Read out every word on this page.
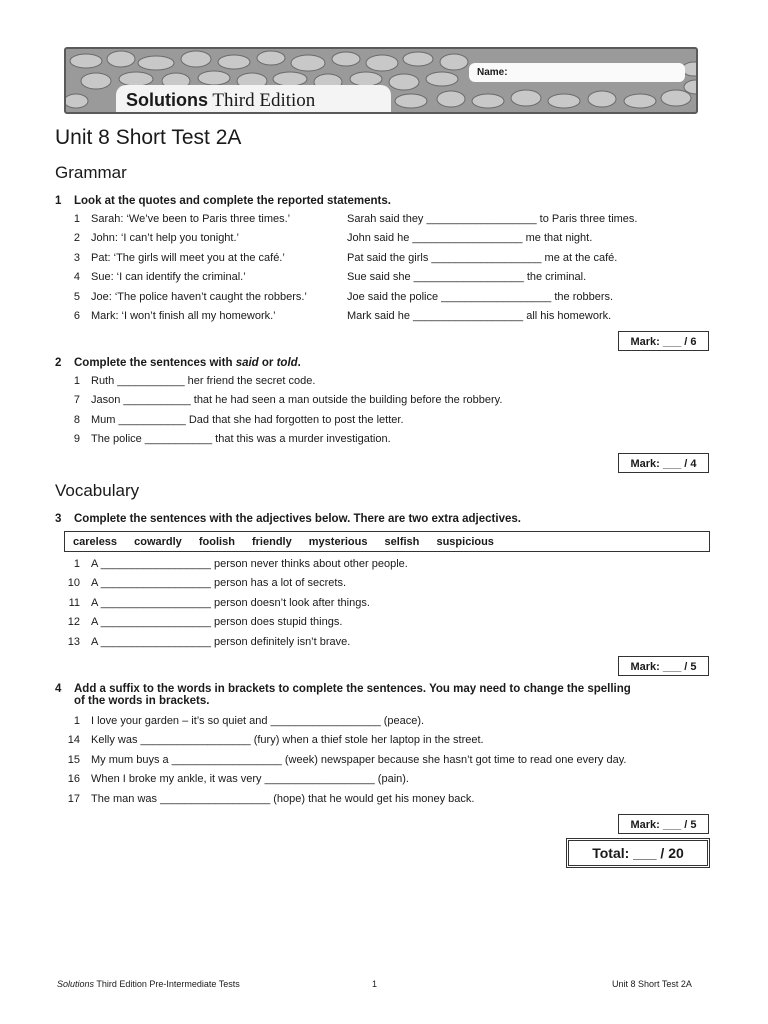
Solutions Third Edition
Name:
Unit 8 Short Test 2A
Grammar
1 Look at the quotes and complete the reported statements.
1 Sarah: ‘We’ve been to Paris three times.’	Sarah said they __________________ to Paris three times.
2 John: ‘I can’t help you tonight.’	John said he __________________ me that night.
3 Pat: ‘The girls will meet you at the café.’	Pat said the girls __________________ me at the café.
4 Sue: ‘I can identify the criminal.’	Sue said she __________________ the criminal.
5 Joe: ‘The police haven’t caught the robbers.’	Joe said the police __________________ the robbers.
6 Mark: ‘I won’t finish all my homework.’	Mark said he __________________ all his homework.
Mark: ___ / 6
2 Complete the sentences with said or told.
1 Ruth ___________ her friend the secret code.
7 Jason ___________ that he had seen a man outside the building before the robbery.
8 Mum ___________ Dad that she had forgotten to post the letter.
9 The police ___________ that this was a murder investigation.
Mark: ___ / 4
Vocabulary
3 Complete the sentences with the adjectives below. There are two extra adjectives.
careless cowardly foolish friendly mysterious selfish suspicious
1 A __________________ person never thinks about other people.
10 A __________________ person has a lot of secrets.
11 A __________________ person doesn’t look after things.
12 A __________________ person does stupid things.
13 A __________________ person definitely isn’t brave.
Mark: ___ / 5
4 Add a suffix to the words in brackets to complete the sentences. You may need to change the spelling
of the words in brackets.
1 I love your garden – it’s so quiet and __________________ (peace).
14 Kelly was __________________ (fury) when a thief stole her laptop in the street.
15 My mum buys a __________________ (week) newspaper because she hasn’t got time to read one every day.
16 When I broke my ankle, it was very __________________ (pain).
17 The man was __________________ (hope) that he would get his money back.
Mark: ___ / 5
Total: ___ / 20
Solutions Third Edition Pre-Intermediate Tests	1	Unit 8 Short Test 2A
